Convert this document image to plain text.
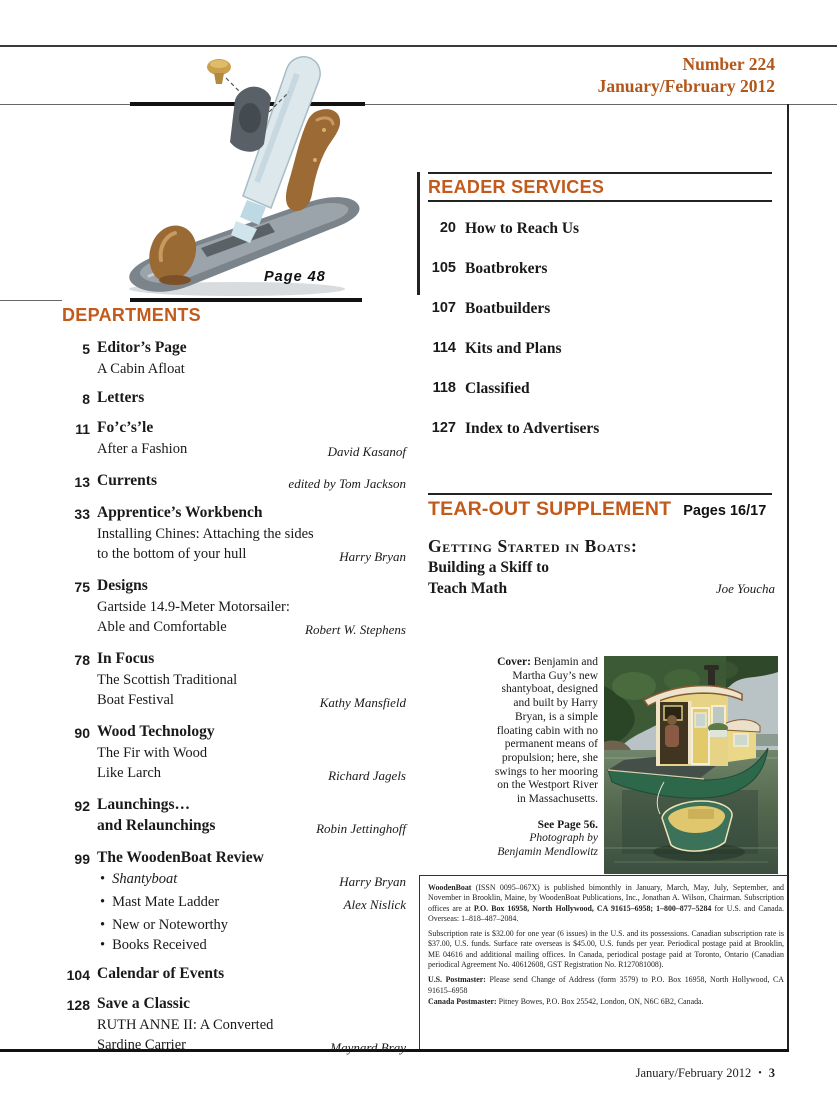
Number 224
January/February 2012
Page 48
DEPARTMENTS
5 Editor’s Page
A Cabin Afloat
8 Letters
11 Fo’c’s’le
After a Fashion	David Kasanof
13 Currents	edited by Tom Jackson
33 Apprentice’s Workbench
Installing Chines: Attaching the sides
to the bottom of your hull	Harry Bryan
75 Designs
Gartside 14.9-Meter Motorsailer:
Able and Comfortable	Robert W. Stephens
78 In Focus
The Scottish Traditional
Boat Festival	Kathy Mansfield
90 Wood Technology
The Fir with Wood
Like Larch	Richard Jagels
92 Launchings…
and Relaunchings	Robin Jettinghoff
99 The WoodenBoat Review
• Shantyboat	Harry Bryan
• Mast Mate Ladder	Alex Nislick
• New or Noteworthy
• Books Received
104 Calendar of Events
128 Save a Classic
RUTH ANNE II: A Converted
Sardine Carrier	Maynard Bray
READER SERVICES
20 How to Reach Us
105 Boatbrokers
107 Boatbuilders
114 Kits and Plans
118 Classified
127 Index to Advertisers
TEAR-OUT SUPPLEMENT Pages 16/17
Getting Started in Boats:
Building a Skiff to
Teach Math	Joe Youcha
Cover: Benjamin and
Martha Guy’s new
shantyboat, designed
and built by Harry
Bryan, is a simple
floating cabin with no
permanent means of
propulsion; here, she
swings to her mooring
on the Westport River
in Massachusetts.
See Page 56.
Photograph by
Benjamin Mendlowitz

WoodenBoat (ISSN 0095–067X) is published bimonthly in January, March, May, July, September, and November in Brooklin, Maine, by WoodenBoat Publications, Inc., Jonathan A. Wilson, Chairman. Subscription offices are at P.O. Box 16958, North Hollywood, CA 91615–6958; 1–800–877–5284 for U.S. and Canada. Overseas: 1–818–487–2084.

Subscription rate is $32.00 for one year (6 issues) in the U.S. and its possessions. Canadian subscription rate is $37.00, U.S. funds. Surface rate overseas is $45.00, U.S. funds per year. Periodical postage paid at Brooklin, ME 04616 and additional mailing offices. In Canada, periodical postage paid at Toronto, Ontario (Canadian periodical Agreement No. 40612608, GST Registration No. R127081008).

U.S. Postmaster: Please send Change of Address (form 3579) to P.O. Box 16958, North Hollywood, CA 91615–6958

Canada Postmaster: Pitney Bowes, P.O. Box 25542, London, ON, N6C 6B2, Canada.

January/February 2012 • 3
